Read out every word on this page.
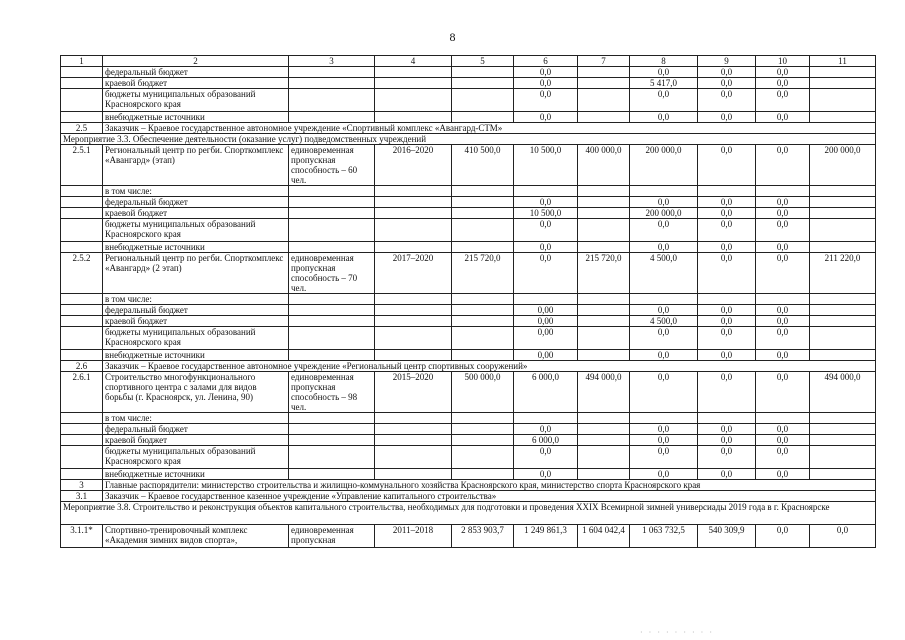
8
1	2	3	4	5	6	7	8	9	10	11
	федеральный бюджет				0,0		0,0	0,0	0,0	
	краевой бюджет				0,0		5 417,0	0,0	0,0	
	бюджеты муниципальных образований Красноярского края				0,0		0,0	0,0	0,0	
	внебюджетные источники				0,0		0,0	0,0	0,0	
2.5	Заказчик – Краевое государственное автономное учреждение «Спортивный комплекс «Авангард-СТМ»									
Мероприятие 3.3. Обеспечение деятельности (оказание услуг) подведомственных учреждений										
2.5.1	Региональный центр по регби. Спорткомплекс «Авангард» (этап)	единовременная пропускная способность – 60 чел.	2016–2020	410 500,0	10 500,0	400 000,0	200 000,0	0,0	0,0	200 000,0
	в том числе:									
	федеральный бюджет				0,0		0,0	0,0	0,0	
	краевой бюджет				10 500,0		200 000,0	0,0	0,0	
	бюджеты муниципальных образований Красноярского края				0,0		0,0	0,0	0,0	
	внебюджетные источники				0,0		0,0	0,0	0,0	
2.5.2	Региональный центр по регби. Спорткомплекс «Авангард» (2 этап)	единовременная пропускная способность – 70 чел.	2017–2020	215 720,0	0,0	215 720,0	4 500,0	0,0	0,0	211 220,0
	в том числе:									
	федеральный бюджет				0,00		0,0	0,0	0,0	
	краевой бюджет				0,00		4 500,0	0,0	0,0	
	бюджеты муниципальных образований Красноярского края				0,00		0,0	0,0	0,0	
	внебюджетные источники				0,00		0,0	0,0	0,0	
2.6	Заказчик – Краевое государственное автономное учреждение «Региональный центр спортивных сооружений»									
2.6.1	Строительство многофункционального спортивного центра с залами для видов борьбы (г. Красноярск, ул. Ленина, 90)	единовременная пропускная способность – 98 чел.	2015–2020	500 000,0	6 000,0	494 000,0	0,0	0,0	0,0	494 000,0
	в том числе:									
	федеральный бюджет				0,0		0,0	0,0	0,0	
	краевой бюджет				6 000,0		0,0	0,0	0,0	
	бюджеты муниципальных образований Красноярского края				0,0		0,0	0,0	0,0	
	внебюджетные источники				0,0		0,0	0,0	0,0	
3	Главные распорядители: министерство строительства и жилищно-коммунального хозяйства Красноярского края, министерство спорта Красноярского края									
3.1	Заказчик – Краевое государственное казенное учреждение «Управление капитального строительства»									
Мероприятие 3.8. Строительство и реконструкция объектов капитального строительства, необходимых для подготовки и проведения XXIX Всемирной зимней универсиады 2019 года в г. Красноярске										
3.1.1*	Спортивно-тренировочный комплекс «Академия зимних видов спорта»,	единовременная пропускная	2011–2018	2 853 903,7	1 249 861,3	1 604 042,4	1 063 732,5	540 309,9	0,0	0,0
· · · · · · · · ·
